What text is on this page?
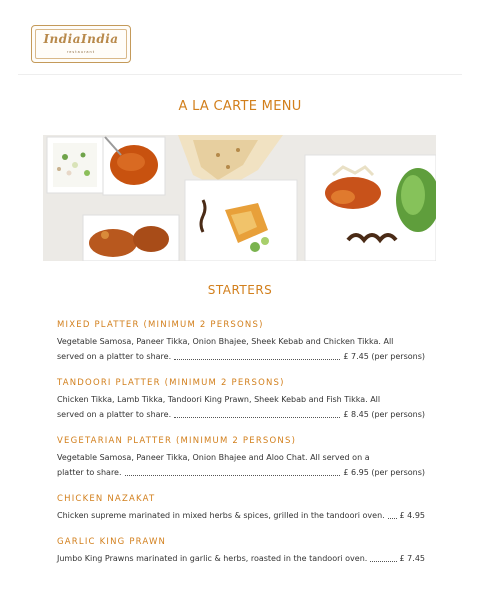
IndiaIndia
restaurant
A LA CARTE MENU
STARTERS
MIXED PLATTER (MINIMUM 2 PERSONS)
Vegetable Samosa, Paneer Tikka, Onion Bhajee, Sheek Kebab and Chicken Tikka. All
served on a platter to share.	£ 7.45 (per persons)
TANDOORI PLATTER (MINIMUM 2 PERSONS)
Chicken Tikka, Lamb Tikka, Tandoori King Prawn, Sheek Kebab and Fish Tikka. All
served on a platter to share.	£ 8.45 (per persons)
VEGETARIAN PLATTER (MINIMUM 2 PERSONS)
Vegetable Samosa, Paneer Tikka, Onion Bhajee and Aloo Chat. All served on a
platter to share.	£ 6.95 (per persons)
CHICKEN NAZAKAT
Chicken supreme marinated in mixed herbs & spices, grilled in the tandoori oven. £ 4.95
GARLIC KING PRAWN
Jumbo King Prawns marinated in garlic & herbs, roasted in the tandoori oven.	£ 7.45
